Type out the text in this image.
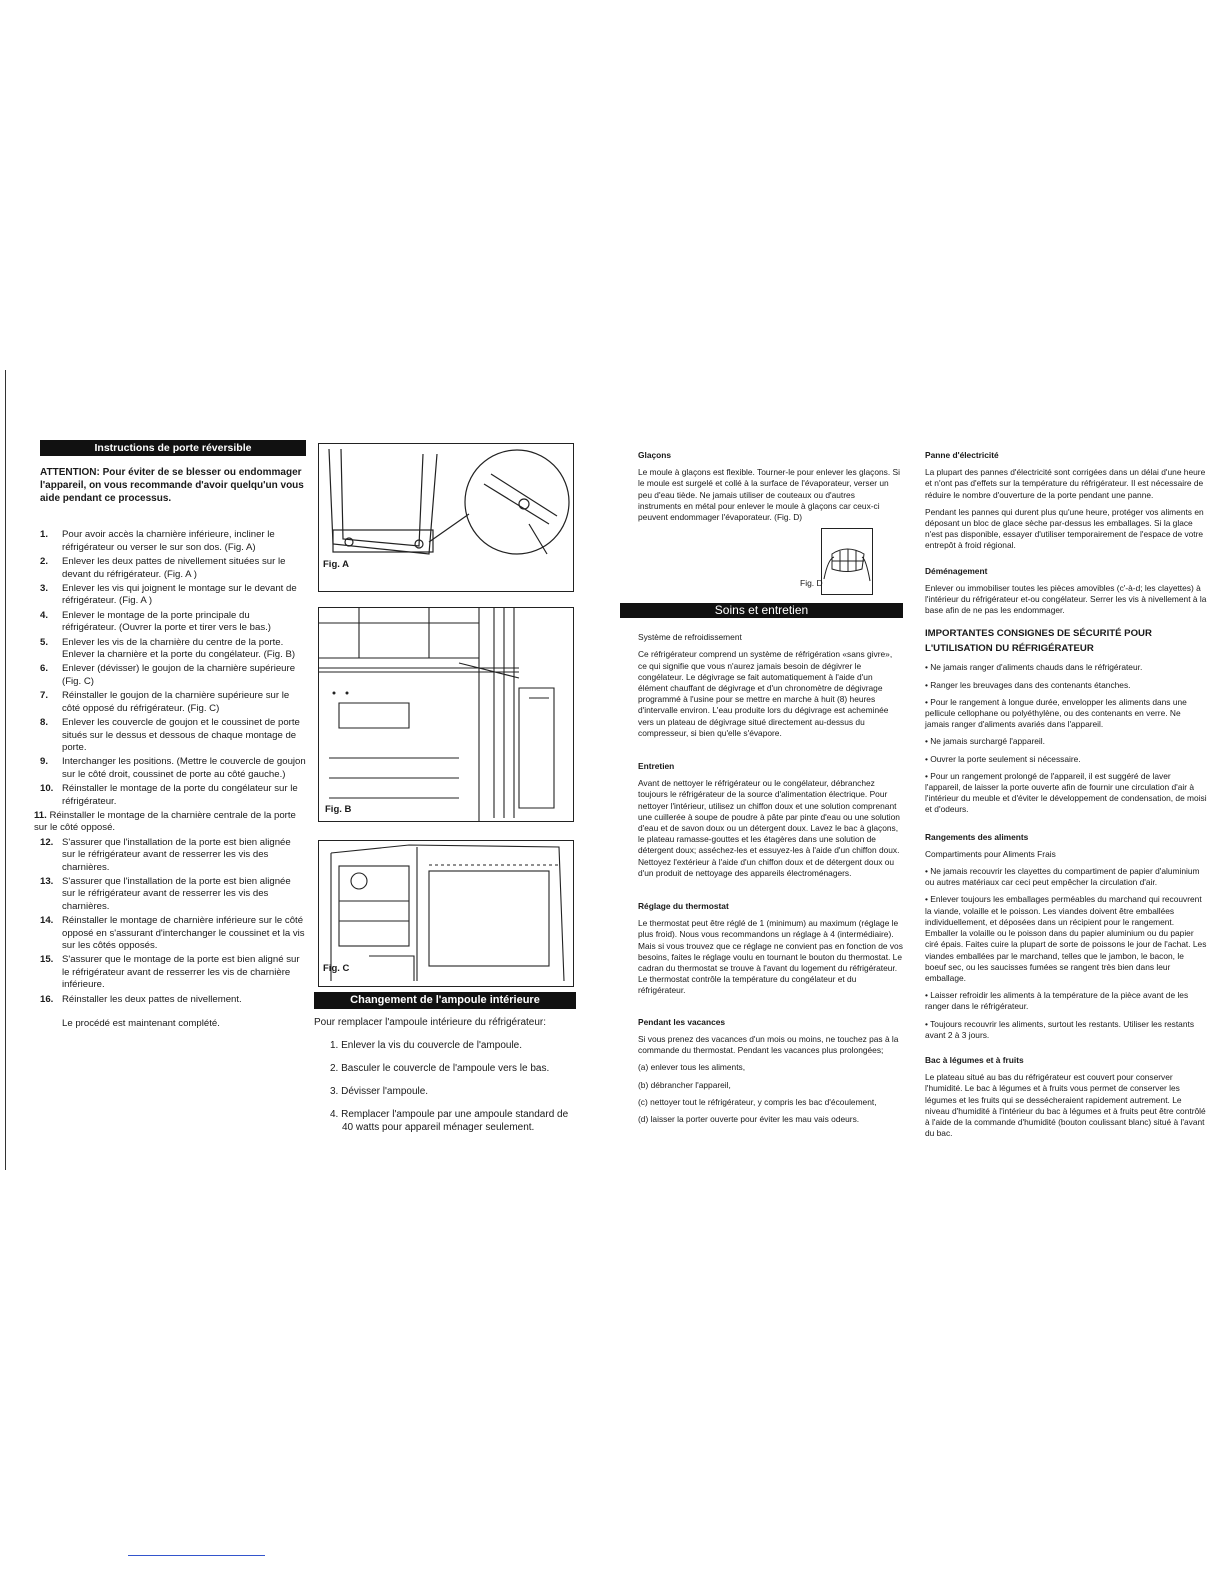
Instructions de porte réversible
ATTENTION: Pour éviter de se blesser ou endommager l'appareil, on vous recommande d'avoir quelqu'un vous aide pendant ce processus.
1.	Pour avoir accès la charnière inférieure, incliner le réfrigérateur ou verser le sur son dos. (Fig. A)
2.	Enlever les deux pattes de nivellement situées sur le devant du réfrigérateur. (Fig. A )
3.	Enlever les vis qui joignent le montage sur le devant de réfrigérateur. (Fig. A )
4.	Enlever le montage de la porte principale du réfrigérateur. (Ouvrer la porte et tirer vers le bas.)
5.	Enlever les vis de la charnière du centre de la porte. Enlever la charnière et la porte du congélateur. (Fig. B)
6.	Enlever (dévisser) le goujon de la charnière supérieure (Fig. C)
7.	Réinstaller le goujon de la charnière supérieure sur le côté opposé du réfrigérateur. (Fig. C)
8.	Enlever les couvercle de goujon et le coussinet de porte situés sur le dessus et dessous de chaque montage de porte.
9.	Interchanger les positions. (Mettre le couvercle de goujon sur le côté droit, coussinet de porte au côté gauche.)
10. Réinstaller le montage de la porte du congélateur sur le réfrigérateur.
11. Réinstaller le montage de la charnière centrale de la porte sur le côté opposé.
12. S'assurer que l'installation de la porte est bien alignée sur le réfrigérateur avant de resserrer les vis des charnières.
13. S'assurer que l'installation de la porte est bien alignée sur le réfrigérateur avant de resserrer les vis des charnières.
14. Réinstaller le montage de charnière inférieure sur le côté opposé en s'assurant d'interchanger le coussinet et la vis sur les côtés opposés.
15. S'assurer que le montage de la porte est bien aligné sur le réfrigérateur avant de resserrer les vis de charnière inférieure.
16. Réinstaller les deux pattes de nivellement.
Le procédé est maintenant complété.
Fig. A
Fig. B
Fig. C
Changement de l'ampoule intérieure
Pour remplacer l'ampoule intérieure du réfrigérateur:
1. Enlever la vis du couvercle de l'ampoule.
2. Basculer le couvercle de l'ampoule vers le bas.
3. Dévisser l'ampoule.
4. Remplacer l'ampoule par une ampoule standard de 40 watts pour appareil ménager seulement.
Glaçons

Le moule à glaçons est flexible. Tourner-le pour enlever les glaçons. Si le moule est surgelé et collé à la surface de l'évaporateur, verser un peu d'eau tiède. Ne jamais utiliser de couteaux ou d'autres instruments en métal pour enlever le moule à glaçons car ceux-ci peuvent endommager l'évaporateur. (Fig. D)

Fig. D
Soins et entretien
Système de refroidissement

Ce réfrigérateur comprend un système de réfrigération «sans givre», ce qui signifie que vous n'aurez jamais besoin de dégivrer le congélateur. Le dégivrage se fait automatiquement à l'aide d'un élément chauffant de dégivrage et d'un chronomètre de dégivrage programmé à l'usine pour se mettre en marche à huit (8) heures d'intervalle environ. L'eau produite lors du dégivrage est acheminée vers un plateau de dégivrage situé directement au-dessus du compresseur, si bien qu'elle s'évapore.

Entretien

Avant de nettoyer le réfrigérateur ou le congélateur, débranchez toujours le réfrigérateur de la source d'alimentation électrique. Pour nettoyer l'intérieur, utilisez un chiffon doux et une solution comprenant une cuillerée à soupe de poudre à pâte par pinte d'eau ou une solution d'eau et de savon doux ou un détergent doux. Lavez le bac à glaçons, le plateau ramasse-gouttes et les étagères dans une solution de détergent doux; asséchez-les et essuyez-les à l'aide d'un chiffon doux. Nettoyez l'extérieur à l'aide d'un chiffon doux et de détergent doux ou d'un produit de nettoyage des appareils électroménagers.

Réglage du thermostat

Le thermostat peut être réglé de 1 (minimum) au maximum (réglage le plus froid). Nous vous recommandons un réglage à 4 (intermédiaire). Mais si vous trouvez que ce réglage ne convient pas en fonction de vos besoins, faites le réglage voulu en tournant le bouton du thermostat. Le cadran du thermostat se trouve à l'avant du logement du réfrigérateur. Le thermostat contrôle la température du congélateur et du réfrigérateur.

Pendant les vacances

Si vous prenez des vacances d'un mois ou moins, ne touchez pas à la commande du thermostat. Pendant les vacances plus prolongées;

(a) enlever tous les aliments,

(b) débrancher l'appareil,

(c) nettoyer tout le réfrigérateur, y compris les bac d'écoulement,

(d) laisser la porter ouverte pour éviter les mau vais odeurs.

Panne d'électricité

La plupart des pannes d'électricité sont corrigées dans un délai d'une heure et n'ont pas d'effets sur la température du réfrigérateur. Il est nécessaire de réduire le nombre d'ouverture de la porte pendant une panne.

Pendant les pannes qui durent plus qu'une heure, protéger vos aliments en déposant un bloc de glace sèche par-dessus les emballages. Si la glace n'est pas disponible, essayer d'utiliser temporairement de l'espace de votre entrepôt à froid régional.

Déménagement

Enlever ou immobiliser toutes les pièces amovibles (c'-à-d; les clayettes) à l'intérieur du réfrigérateur et-ou congélateur. Serrer les vis à nivellement à la base afin de ne pas les endommager.

IMPORTANTES CONSIGNES DE SÉCURITÉ POUR
L'UTILISATION DU RÉFRIGÉRATEUR

• Ne jamais ranger d'aliments chauds dans le réfrigérateur.

• Ranger les breuvages dans des contenants étanches.

• Pour le rangement à longue durée, envelopper les aliments dans une pellicule cellophane ou polyéthylène, ou des contenants en verre. Ne jamais ranger d'aliments avariés dans l'appareil.

• Ne jamais surchargé l'appareil.

• Ouvrer la porte seulement si nécessaire.

• Pour un rangement prolongé de l'appareil, il est suggéré de laver l'appareil, de laisser la porte ouverte afin de fournir une circulation d'air à l'intérieur du meuble et d'éviter le développement de condensation, de moisi et d'odeurs.

Rangements des aliments
Compartiments pour Aliments Frais

• Ne jamais recouvrir les clayettes du compartiment de papier d'aluminium ou autres matériaux car ceci peut empêcher la circulation d'air.

• Enlever toujours les emballages perméables du marchand qui recouvrent la viande, volaille et le poisson. Les viandes doivent être emballées individuellement, et déposées dans un récipient pour le rangement. Emballer la volaille ou le poisson dans du papier aluminium ou du papier ciré épais. Faites cuire la plupart de sorte de poissons le jour de l'achat. Les viandes emballées par le marchand, telles que le jambon, le bacon, le boeuf sec, ou les saucisses fumées se rangent très bien dans leur emballage.

• Laisser refroidir les aliments à la température de la pièce avant de les ranger dans le réfrigérateur.

• Toujours recouvrir les aliments, surtout les restants. Utiliser les restants avant 2 à 3 jours.

Bac à légumes et à fruits

Le plateau situé au bas du réfrigérateur est couvert pour conserver l'humidité. Le bac à légumes et à fruits vous permet de conserver les légumes et les fruits qui se dessécheraient rapidement autrement. Le niveau d'humidité à l'intérieur du bac à légumes et à fruits peut être contrôlé à l'aide de la commande d'humidité (bouton coulissant blanc) situé à l'avant du bac.
